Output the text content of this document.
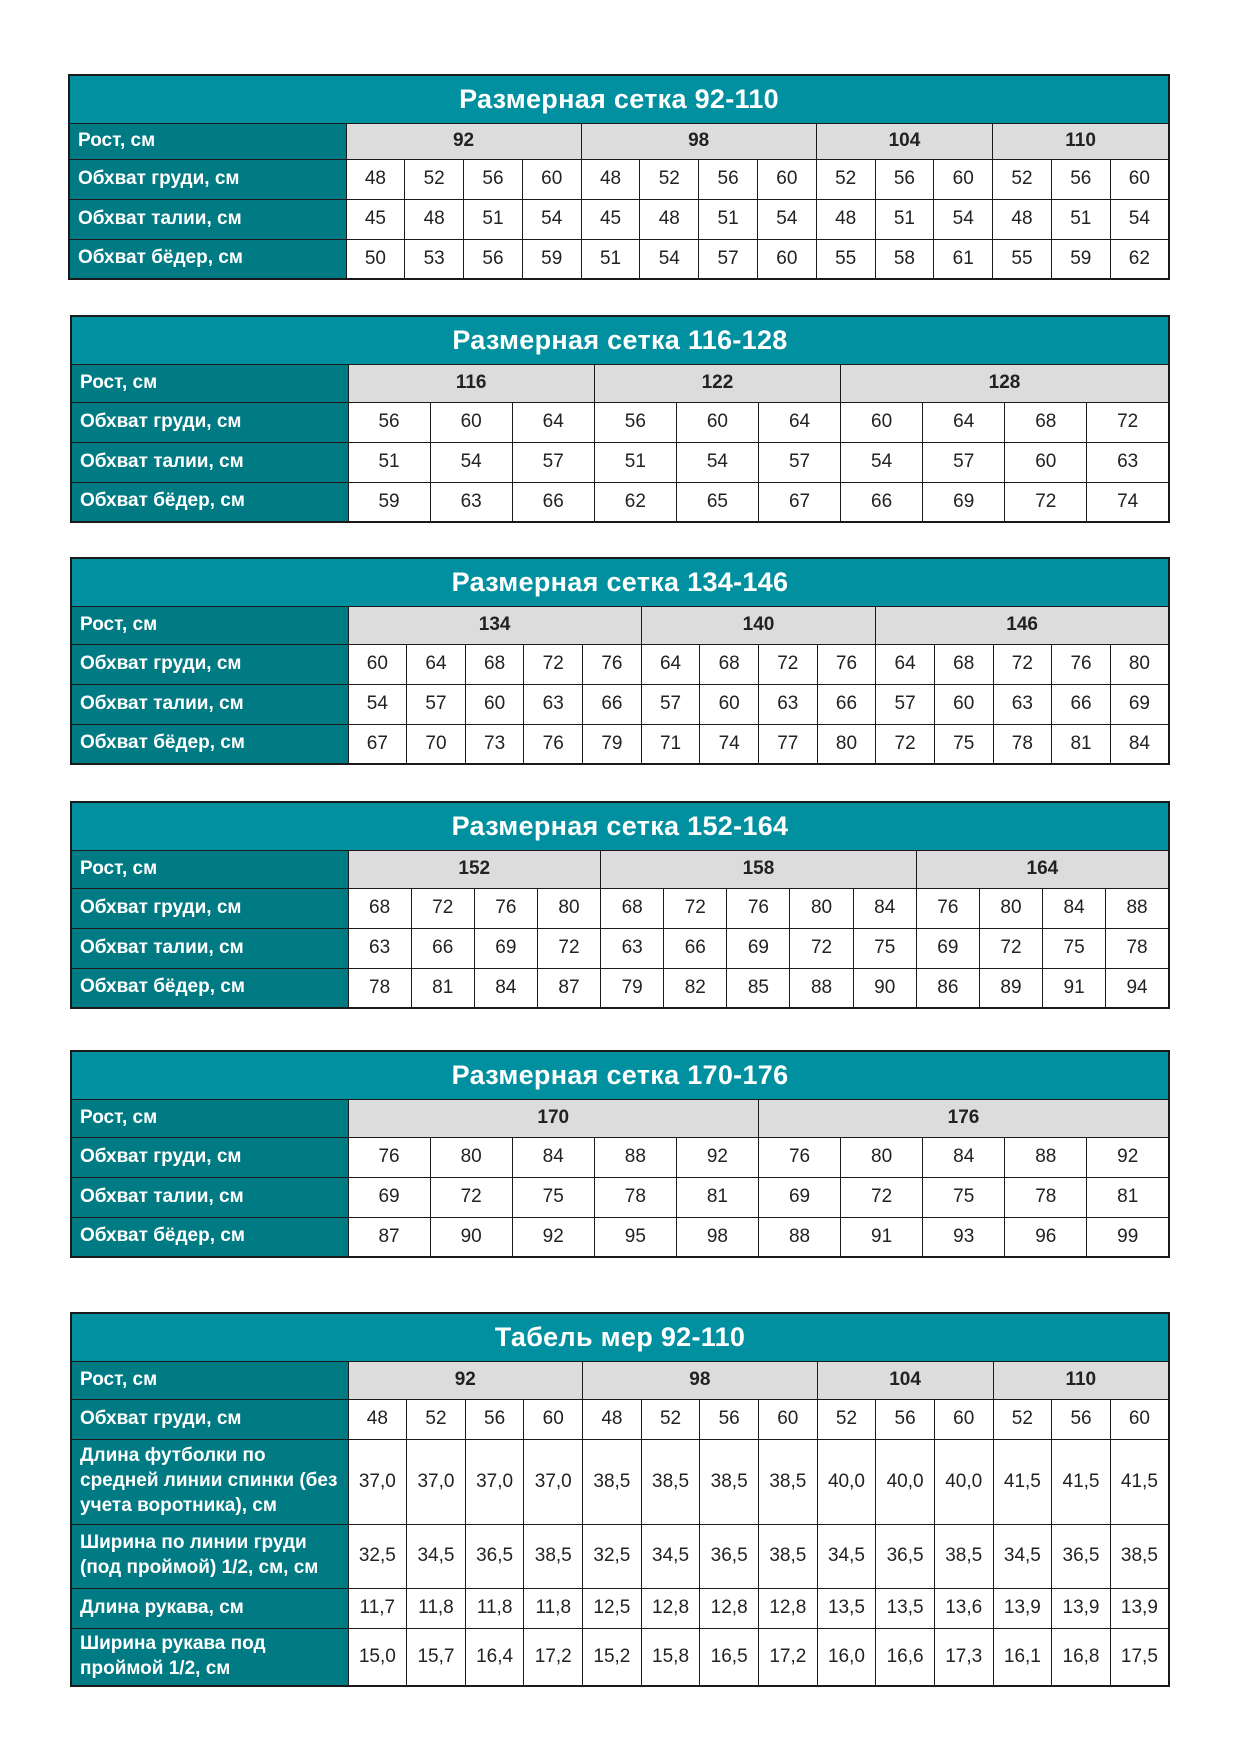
Размерная сетка 92-110														
Рост, см	92				98				104			110		
Обхват груди, см	48	52	56	60	48	52	56	60	52	56	60	52	56	60
Обхват талии, см	45	48	51	54	45	48	51	54	48	51	54	48	51	54
Обхват бёдер, см	50	53	56	59	51	54	57	60	55	58	61	55	59	62
Размерная сетка 116-128										
Рост, см	116			122			128			
Обхват груди, см	56	60	64	56	60	64	60	64	68	72
Обхват талии, см	51	54	57	51	54	57	54	57	60	63
Обхват бёдер, см	59	63	66	62	65	67	66	69	72	74
Размерная сетка 134-146														
Рост, см	134					140				146				
Обхват груди, см	60	64	68	72	76	64	68	72	76	64	68	72	76	80
Обхват талии, см	54	57	60	63	66	57	60	63	66	57	60	63	66	69
Обхват бёдер, см	67	70	73	76	79	71	74	77	80	72	75	78	81	84
Размерная сетка 152-164													
Рост, см	152				158					164			
Обхват груди, см	68	72	76	80	68	72	76	80	84	76	80	84	88
Обхват талии, см	63	66	69	72	63	66	69	72	75	69	72	75	78
Обхват бёдер, см	78	81	84	87	79	82	85	88	90	86	89	91	94
Размерная сетка 170-176										
Рост, см	170					176				
Обхват груди, см	76	80	84	88	92	76	80	84	88	92
Обхват талии, см	69	72	75	78	81	69	72	75	78	81
Обхват бёдер, см	87	90	92	95	98	88	91	93	96	99
Табель мер 92-110														
Рост, см	92				98				104			110		
Обхват груди, см	48	52	56	60	48	52	56	60	52	56	60	52	56	60
Длина футболки по средней линии спинки (без учета воротника), см	37,0	37,0	37,0	37,0	38,5	38,5	38,5	38,5	40,0	40,0	40,0	41,5	41,5	41,5
Ширина по линии груди (под проймой) 1/2, см, см	32,5	34,5	36,5	38,5	32,5	34,5	36,5	38,5	34,5	36,5	38,5	34,5	36,5	38,5
Длина рукава, см	11,7	11,8	11,8	11,8	12,5	12,8	12,8	12,8	13,5	13,5	13,6	13,9	13,9	13,9
Ширина рукава под проймой 1/2, см	15,0	15,7	16,4	17,2	15,2	15,8	16,5	17,2	16,0	16,6	17,3	16,1	16,8	17,5
